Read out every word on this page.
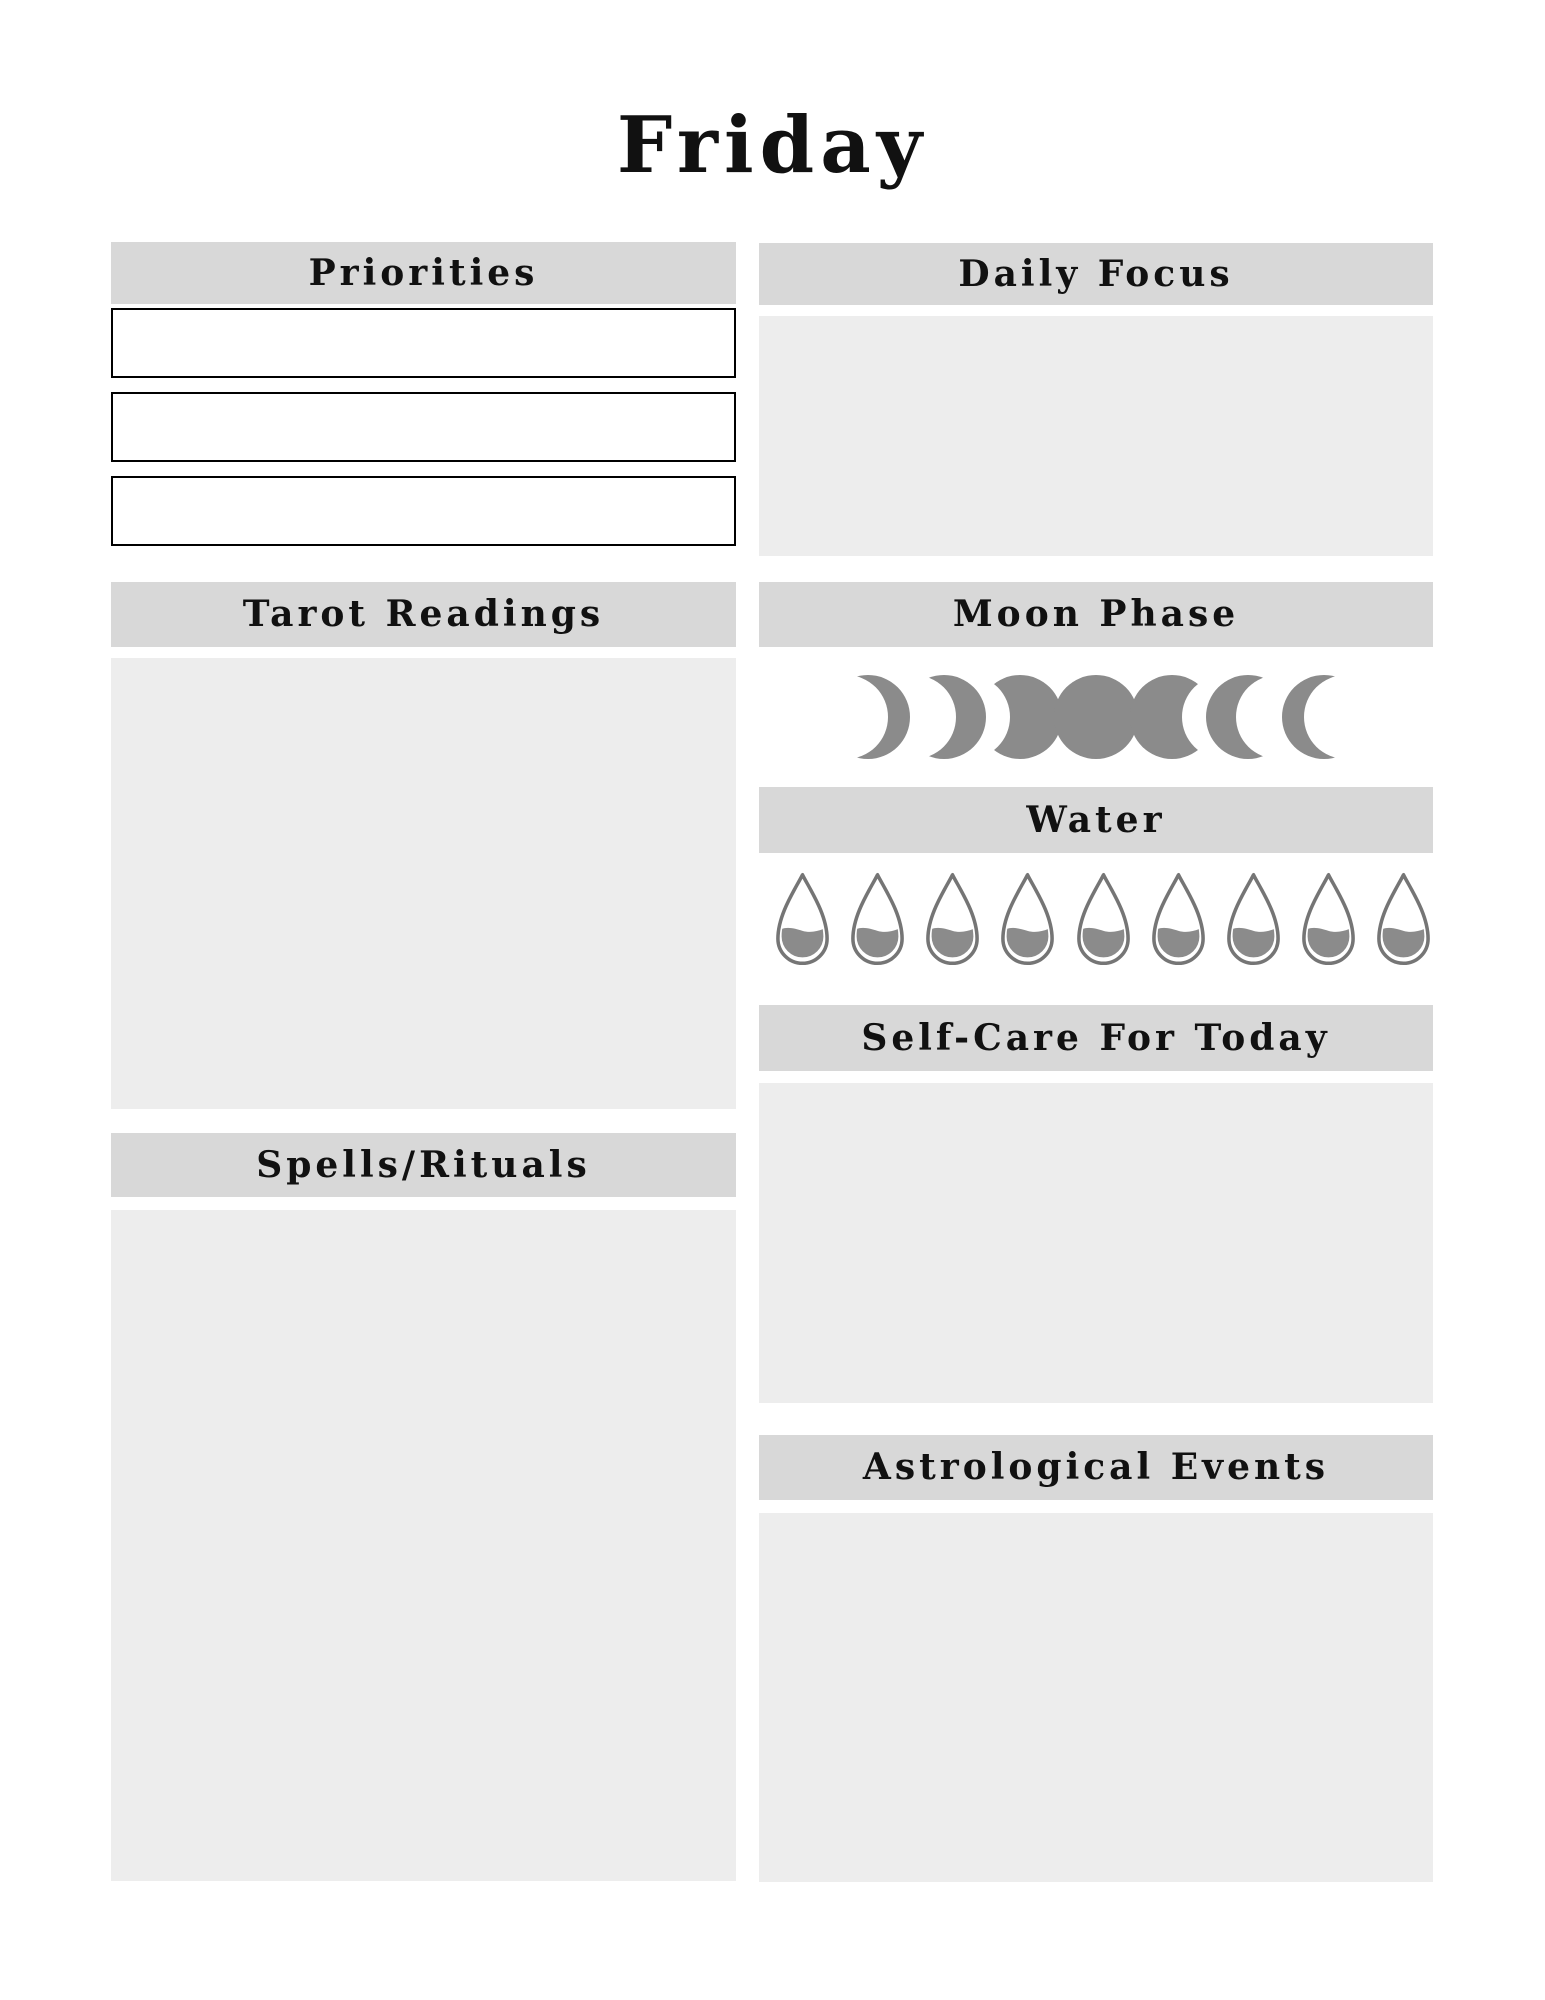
Friday
Priorities
Tarot Readings
Spells/Rituals
Daily Focus
Moon Phase
Water
Self-Care For Today
Astrological Events
